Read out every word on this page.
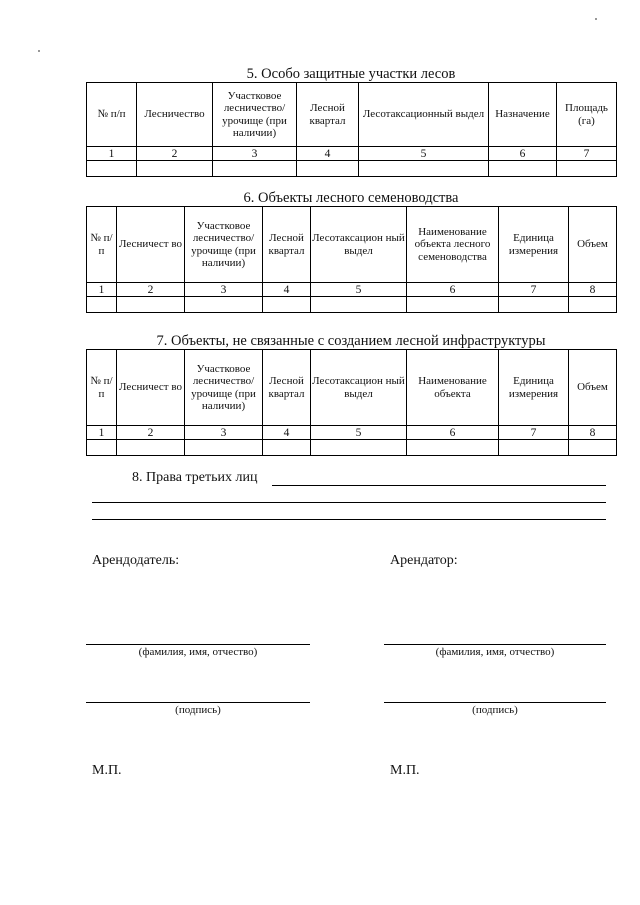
5. Особо защитные участки лесов
№ п/п	Лесничество	Участковое лесничество/ урочище (при наличии)	Лесной квартал	Лесотаксационный выдел	Назначение	Площадь (га)
1	2	3	4	5	6	7

6. Объекты лесного семеноводства
№ п/п	Лесничест во	Участковое лесничество/ урочище (при наличии)	Лесной квартал	Лесотаксацион ный выдел	Наименование объекта лесного семеноводства	Единица измерения	Объем
1	2	3	4	5	6	7	8

7. Объекты, не связанные с созданием лесной инфраструктуры
№ п/п	Лесничест во	Участковое лесничество/ урочище (при наличии)	Лесной квартал	Лесотаксацион ный выдел	Наименование объекта	Единица измерения	Объем
1	2	3	4	5	6	7	8

8. Права третьих лиц
Арендодатель:	Арендатор:
(фамилия, имя, отчество)	(фамилия, имя, отчество)
(подпись)	(подпись)
М.П.	М.П.
